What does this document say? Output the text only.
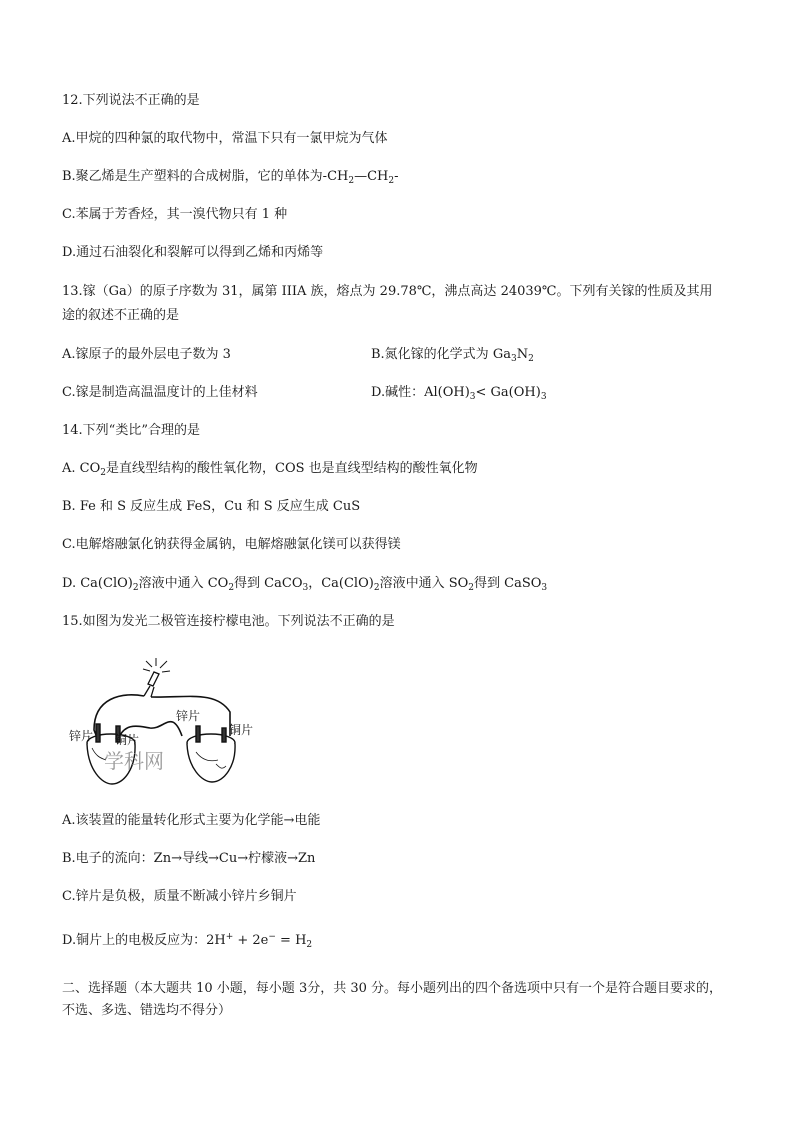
12.下列说法不正确的是

A.甲烷的四种氯的取代物中，常温下只有一氯甲烷为气体

B.聚乙烯是生产塑料的合成树脂，它的单体为$-CH_2—CH_2-$

C.苯属于芳香烃，其一溴代物只有 1 种

D.通过石油裂化和裂解可以得到乙烯和丙烯等

13.镓（Ga）的原子序数为 31，属第 IIIA 族，熔点为 29.78℃，沸点高达 24039℃。下列有关镓的性质及其用

途的叙述不正确的是

A.镓原子的最外层电子数为 3	B.氮化镓的化学式为 $Ga_3N_2$

C.镓是制造高温温度计的上佳材料	D.碱性：$Al(OH)_3< Ga(OH)_3$

14.下列“类比”合理的是

A. $CO_2$是直线型结构的酸性氧化物，COS 也是直线型结构的酸性氧化物

B. Fe 和 S 反应生成 FeS，Cu 和 S 反应生成 CuS

C.电解熔融氯化钠获得金属钠，电解熔融氯化镁可以获得镁

D. $Ca(ClO)_2$溶液中通入 $CO_2$得到 CaCO$_3$，$Ca(ClO)_2$溶液中通入 $SO_2$得到 CaSO$_3$

15.如图为发光二极管连接柠檬电池。下列说法不正确的是

锌片 铜片
锌片
铜片
学科网

A.该装置的能量转化形式主要为化学能→电能

B.电子的流向：Zn→导线→Cu→柠檬液→Zn

C.锌片是负极，质量不断减小锌片乡铜片

D.铜片上的电极反应为：$2H^+ + 2e^- = H_2$

二、选择题（本大题共 10 小题，每小题 3分，共 30 分。每小题列出的四个备选项中只有一个是符合题目要求的，不选、多选、错选均不得分）
